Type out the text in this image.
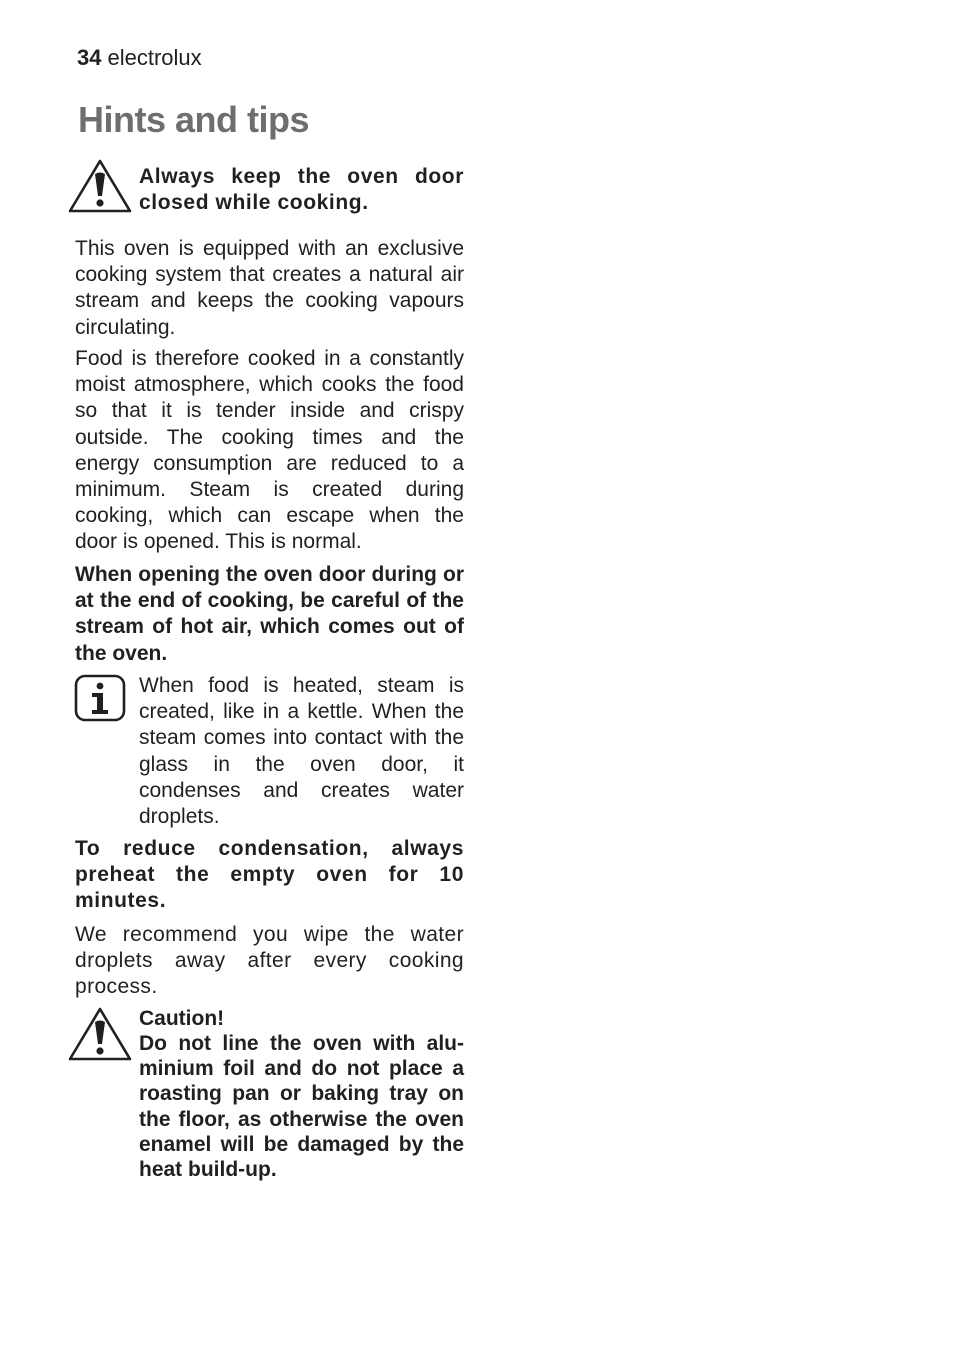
34 electrolux
Hints and tips

Always keep the oven door closed while cooking.

This oven is equipped with an exclusive cooking system that creates a natural air stream and keeps the cooking vapours circulating.

Food is therefore cooked in a constantly moist atmosphere, which cooks the food so that it is tender inside and crispy outside. The cooking times and the energy consumption are reduced to a minimum. Steam is created during cooking, which can escape when the door is opened. This is normal.

When opening the oven door during or at the end of cooking, be careful of the stream of hot air, which comes out of the oven.

When food is heated, steam is created, like in a kettle. When the steam comes into contact with the glass in the oven door, it condenses and creates water droplets.

To reduce condensation, always preheat the empty oven for 10 minutes.

We recommend you wipe the water droplets away after every cooking process.

Caution!

Do not line the oven with alu-minium foil and do not place a roasting pan or baking tray on the floor, as otherwise the oven enamel will be damaged by the heat build-up.
